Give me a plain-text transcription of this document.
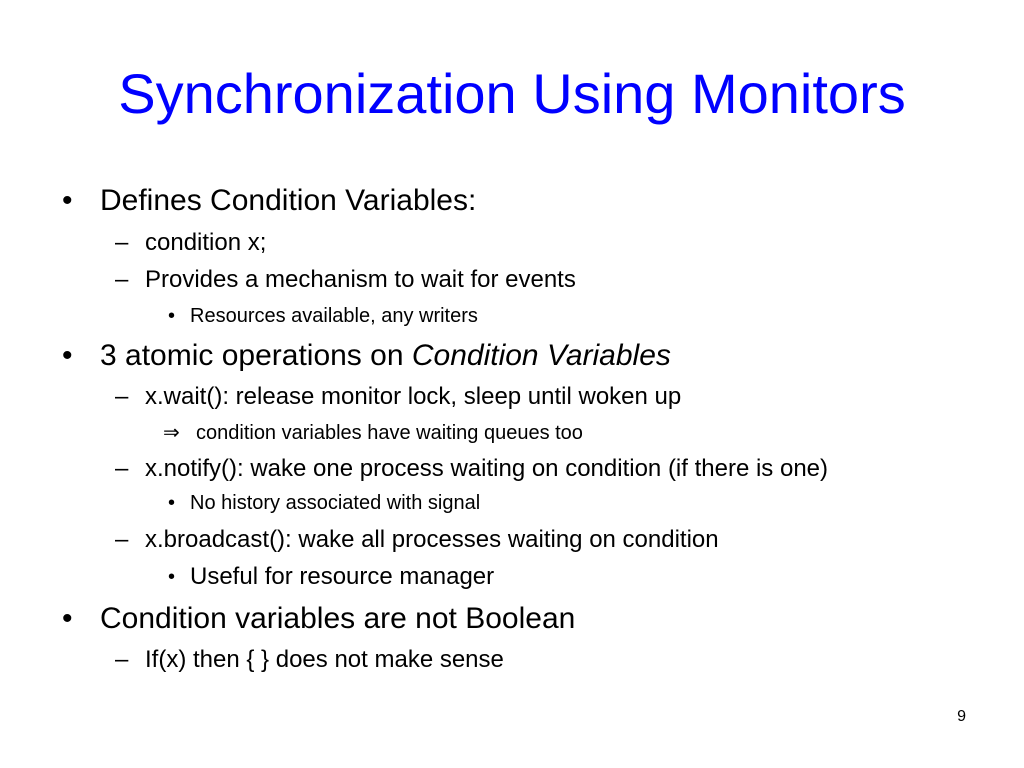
Synchronization Using Monitors
• Defines Condition Variables:
– condition x;
– Provides a mechanism to wait for events
• Resources available, any writers
• 3 atomic operations on Condition Variables
– x.wait(): release monitor lock, sleep until woken up
⇒ condition variables have waiting queues too
– x.notify(): wake one process waiting on condition (if there is one)
• No history associated with signal
– x.broadcast(): wake all processes waiting on condition
• Useful for resource manager
• Condition variables are not Boolean
– If(x) then { } does not make sense
9
